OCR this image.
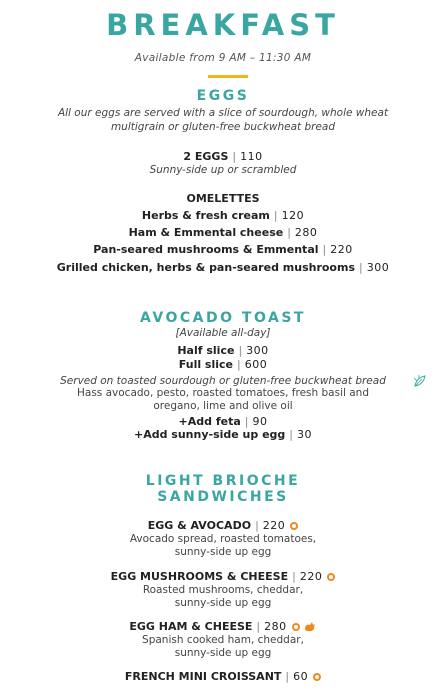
BREAKFAST
Available from 9 AM – 11:30 AM
EGGS
All our eggs are served with a slice of sourdough, whole wheat
multigrain or gluten-free buckwheat bread
2 EGGS | 110
Sunny-side up or scrambled
OMELETTES
Herbs & fresh cream | 120
Ham & Emmental cheese | 280
Pan-seared mushrooms & Emmental | 220
Grilled chicken, herbs & pan-seared mushrooms | 300
AVOCADO TOAST
[Available all-day]
Half slice | 300
Full slice | 600
Served on toasted sourdough or gluten-free buckwheat bread
Hass avocado, pesto, roasted tomatoes, fresh basil and
oregano, lime and olive oil
+Add feta | 90
+Add sunny-side up egg | 30
LIGHT BRIOCHE
SANDWICHES
EGG & AVOCADO | 220
Avocado spread, roasted tomatoes,
sunny-side up egg
EGG MUSHROOMS & CHEESE | 220
Roasted mushrooms, cheddar,
sunny-side up egg
EGG HAM & CHEESE | 280
Spanish cooked ham, cheddar,
sunny-side up egg
FRENCH MINI CROISSANT | 60
